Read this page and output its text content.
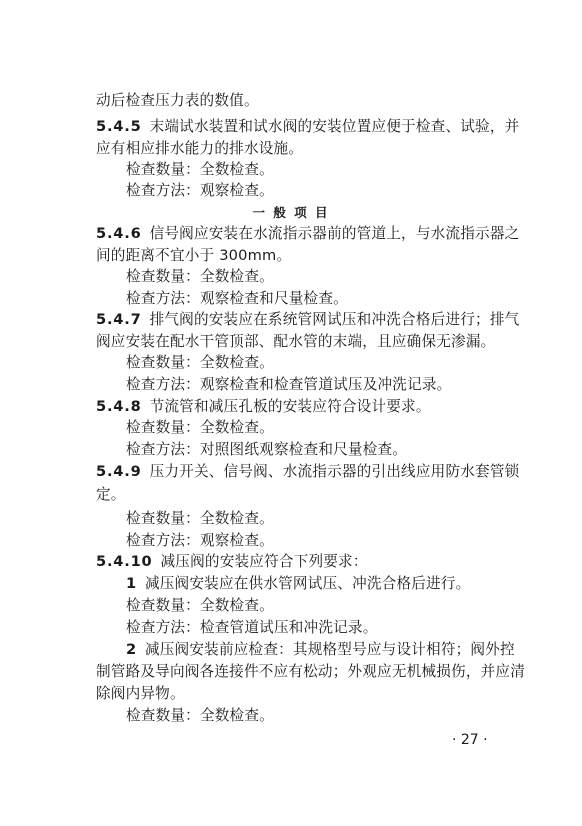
动后检查压力表的数值。
5.4.5 末端试水装置和试水阀的安装位置应便于检查、试验，并
应有相应排水能力的排水设施。
检查数量：全数检查。
检查方法：观察检查。
一 般 项 目
5.4.6 信号阀应安装在水流指示器前的管道上，与水流指示器之
间的距离不宜小于 300mm。
检查数量：全数检查。
检查方法：观察检查和尺量检查。
5.4.7 排气阀的安装应在系统管网试压和冲洗合格后进行；排气
阀应安装在配水干管顶部、配水管的末端，且应确保无渗漏。
检查数量：全数检查。
检查方法：观察检查和检查管道试压及冲洗记录。
5.4.8 节流管和减压孔板的安装应符合设计要求。
检查数量：全数检查。
检查方法：对照图纸观察检查和尺量检查。
5.4.9 压力开关、信号阀、水流指示器的引出线应用防水套管锁
定。
检查数量：全数检查。
检查方法：观察检查。
5.4.10 减压阀的安装应符合下列要求：
1 减压阀安装应在供水管网试压、冲洗合格后进行。
检查数量：全数检查。
检查方法：检查管道试压和冲洗记录。
2 减压阀安装前应检查：其规格型号应与设计相符；阀外控
制管路及导向阀各连接件不应有松动；外观应无机械损伤，并应清
除阀内异物。
检查数量：全数检查。
· 27 ·
